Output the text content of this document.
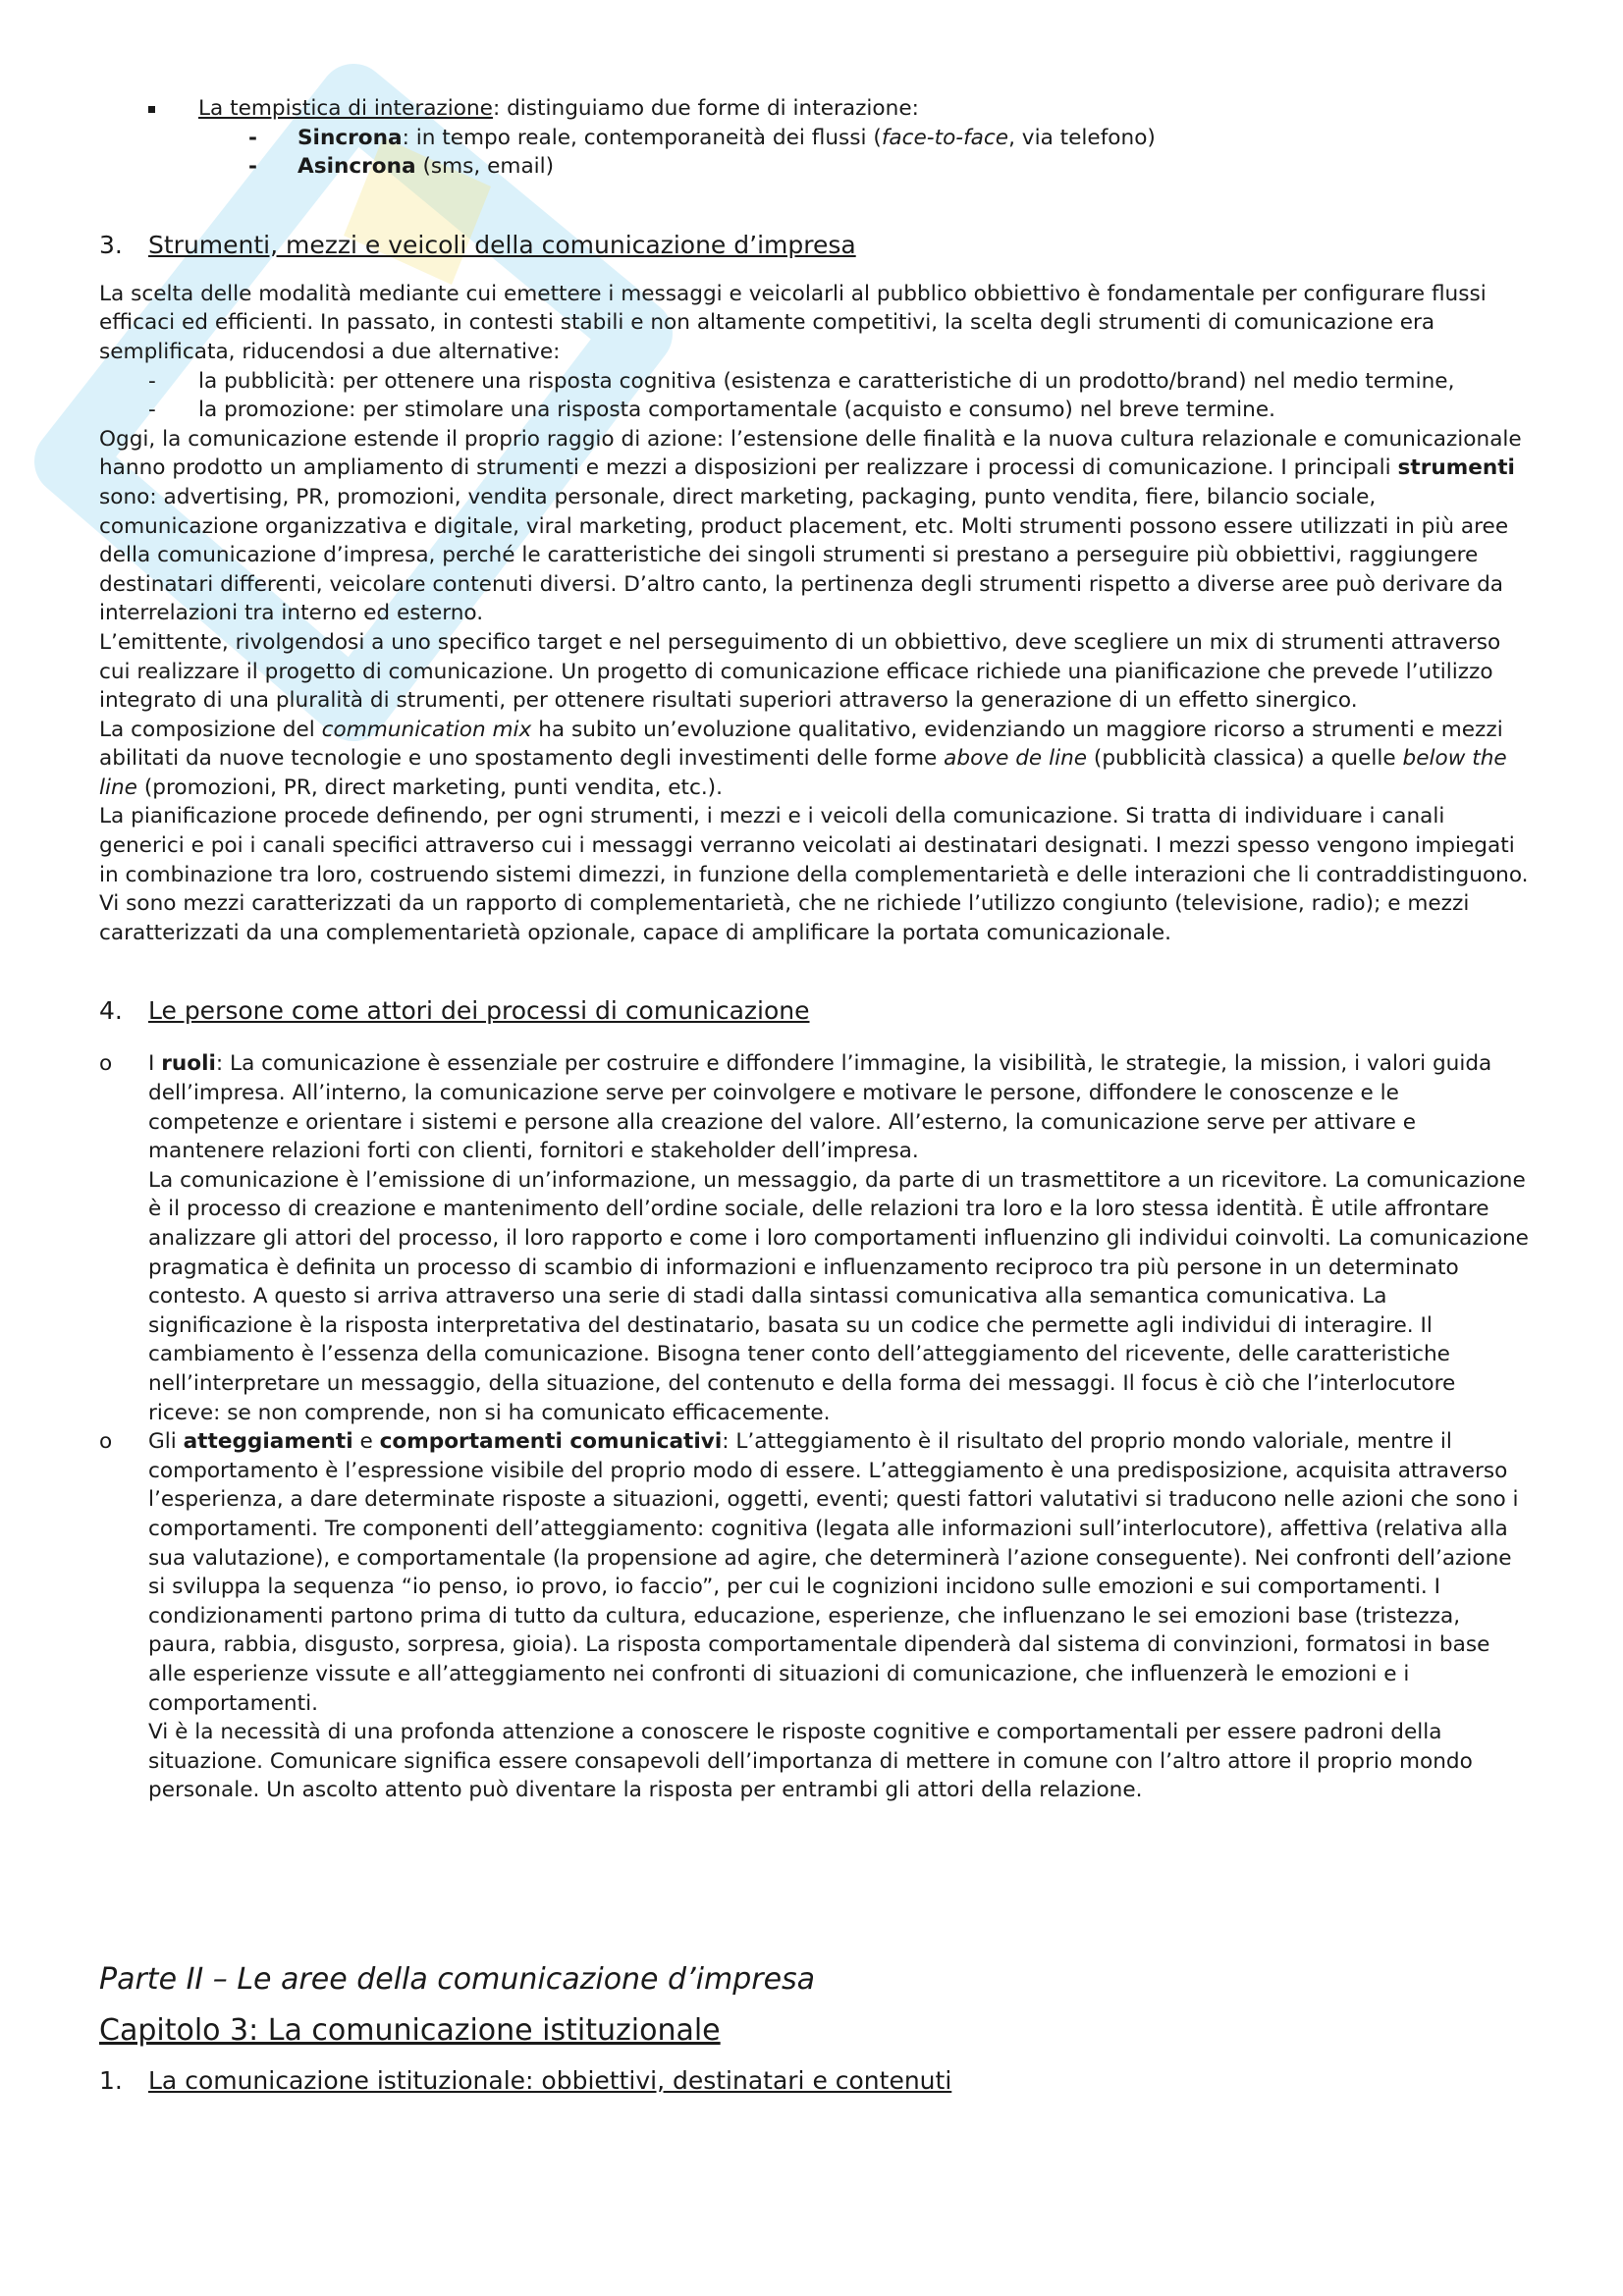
La tempistica di interazione: distinguiamo due forme di interazione:

- Sincrona: in tempo reale, contemporaneità dei flussi (face-to-face, via telefono)

- Asincrona (sms, email)

3. Strumenti, mezzi e veicoli della comunicazione d’impresa

La scelta delle modalità mediante cui emettere i messaggi e veicolarli al pubblico obbiettivo è fondamentale per configurare flussi efficaci ed efficienti. In passato, in contesti stabili e non altamente competitivi, la scelta degli strumenti di comunicazione era semplificata, riducendosi a due alternative:

- la pubblicità: per ottenere una risposta cognitiva (esistenza e caratteristiche di un prodotto/brand) nel medio termine,

- la promozione: per stimolare una risposta comportamentale (acquisto e consumo) nel breve termine.

Oggi, la comunicazione estende il proprio raggio di azione: l’estensione delle finalità e la nuova cultura relazionale e comunicazionale hanno prodotto un ampliamento di strumenti e mezzi a disposizioni per realizzare i processi di comunicazione. I principali strumenti sono: advertising, PR, promozioni, vendita personale, direct marketing, packaging, punto vendita, fiere, bilancio sociale, comunicazione organizzativa e digitale, viral marketing, product placement, etc. Molti strumenti possono essere utilizzati in più aree della comunicazione d’impresa, perché le caratteristiche dei singoli strumenti si prestano a perseguire più obbiettivi, raggiungere destinatari differenti, veicolare contenuti diversi. D’altro canto, la pertinenza degli strumenti rispetto a diverse aree può derivare da interrelazioni tra interno ed esterno.

L’emittente, rivolgendosi a uno specifico target e nel perseguimento di un obbiettivo, deve scegliere un mix di strumenti attraverso cui realizzare il progetto di comunicazione. Un progetto di comunicazione efficace richiede una pianificazione che prevede l’utilizzo integrato di una pluralità di strumenti, per ottenere risultati superiori attraverso la generazione di un effetto sinergico.

La composizione del communication mix ha subito un’evoluzione qualitativo, evidenziando un maggiore ricorso a strumenti e mezzi abilitati da nuove tecnologie e uno spostamento degli investimenti delle forme above de line (pubblicità classica) a quelle below the line (promozioni, PR, direct marketing, punti vendita, etc.).

La pianificazione procede definendo, per ogni strumenti, i mezzi e i veicoli della comunicazione. Si tratta di individuare i canali generici e poi i canali specifici attraverso cui i messaggi verranno veicolati ai destinatari designati. I mezzi spesso vengono impiegati in combinazione tra loro, costruendo sistemi dimezzi, in funzione della complementarietà e delle interazioni che li contraddistinguono. Vi sono mezzi caratterizzati da un rapporto di complementarietà, che ne richiede l’utilizzo congiunto (televisione, radio); e mezzi caratterizzati da una complementarietà opzionale, capace di amplificare la portata comunicazionale.

4. Le persone come attori dei processi di comunicazione
o I ruoli: La comunicazione è essenziale per costruire e diffondere l’immagine, la visibilità, le strategie, la mission, i valori guida dell’impresa. All’interno, la comunicazione serve per coinvolgere e motivare le persone, diffondere le conoscenze e le competenze e orientare i sistemi e persone alla creazione del valore. All’esterno, la comunicazione serve per attivare e mantenere relazioni forti con clienti, fornitori e stakeholder dell’impresa.

La comunicazione è l’emissione di un’informazione, un messaggio, da parte di un trasmettitore a un ricevitore. La comunicazione è il processo di creazione e mantenimento dell’ordine sociale, delle relazioni tra loro e la loro stessa identità. È utile affrontare analizzare gli attori del processo, il loro rapporto e come i loro comportamenti influenzino gli individui coinvolti. La comunicazione pragmatica è definita un processo di scambio di informazioni e influenzamento reciproco tra più persone in un determinato contesto. A questo si arriva attraverso una serie di stadi dalla sintassi comunicativa alla semantica comunicativa. La significazione è la risposta interpretativa del destinatario, basata su un codice che permette agli individui di interagire. Il cambiamento è l’essenza della comunicazione. Bisogna tener conto dell’atteggiamento del ricevente, delle caratteristiche nell’interpretare un messaggio, della situazione, del contenuto e della forma dei messaggi. Il focus è ciò che l’interlocutore riceve: se non comprende, non si ha comunicato efficacemente.

o Gli atteggiamenti e comportamenti comunicativi: L’atteggiamento è il risultato del proprio mondo valoriale, mentre il comportamento è l’espressione visibile del proprio modo di essere. L’atteggiamento è una predisposizione, acquisita attraverso l’esperienza, a dare determinate risposte a situazioni, oggetti, eventi; questi fattori valutativi si traducono nelle azioni che sono i comportamenti. Tre componenti dell’atteggiamento: cognitiva (legata alle informazioni sull’interlocutore), affettiva (relativa alla sua valutazione), e comportamentale (la propensione ad agire, che determinerà l’azione conseguente). Nei confronti dell’azione si sviluppa la sequenza “io penso, io provo, io faccio”, per cui le cognizioni incidono sulle emozioni e sui comportamenti. I condizionamenti partono prima di tutto da cultura, educazione, esperienze, che influenzano le sei emozioni base (tristezza, paura, rabbia, disgusto, sorpresa, gioia). La risposta comportamentale dipenderà dal sistema di convinzioni, formatosi in base alle esperienze vissute e all’atteggiamento nei confronti di situazioni di comunicazione, che influenzerà le emozioni e i comportamenti.

Vi è la necessità di una profonda attenzione a conoscere le risposte cognitive e comportamentali per essere padroni della situazione. Comunicare significa essere consapevoli dell’importanza di mettere in comune con l’altro attore il proprio mondo personale. Un ascolto attento può diventare la risposta per entrambi gli attori della relazione.

Parte II – Le aree della comunicazione d’impresa
Capitolo 3: La comunicazione istituzionale
1. La comunicazione istituzionale: obbiettivi, destinatari e contenuti
